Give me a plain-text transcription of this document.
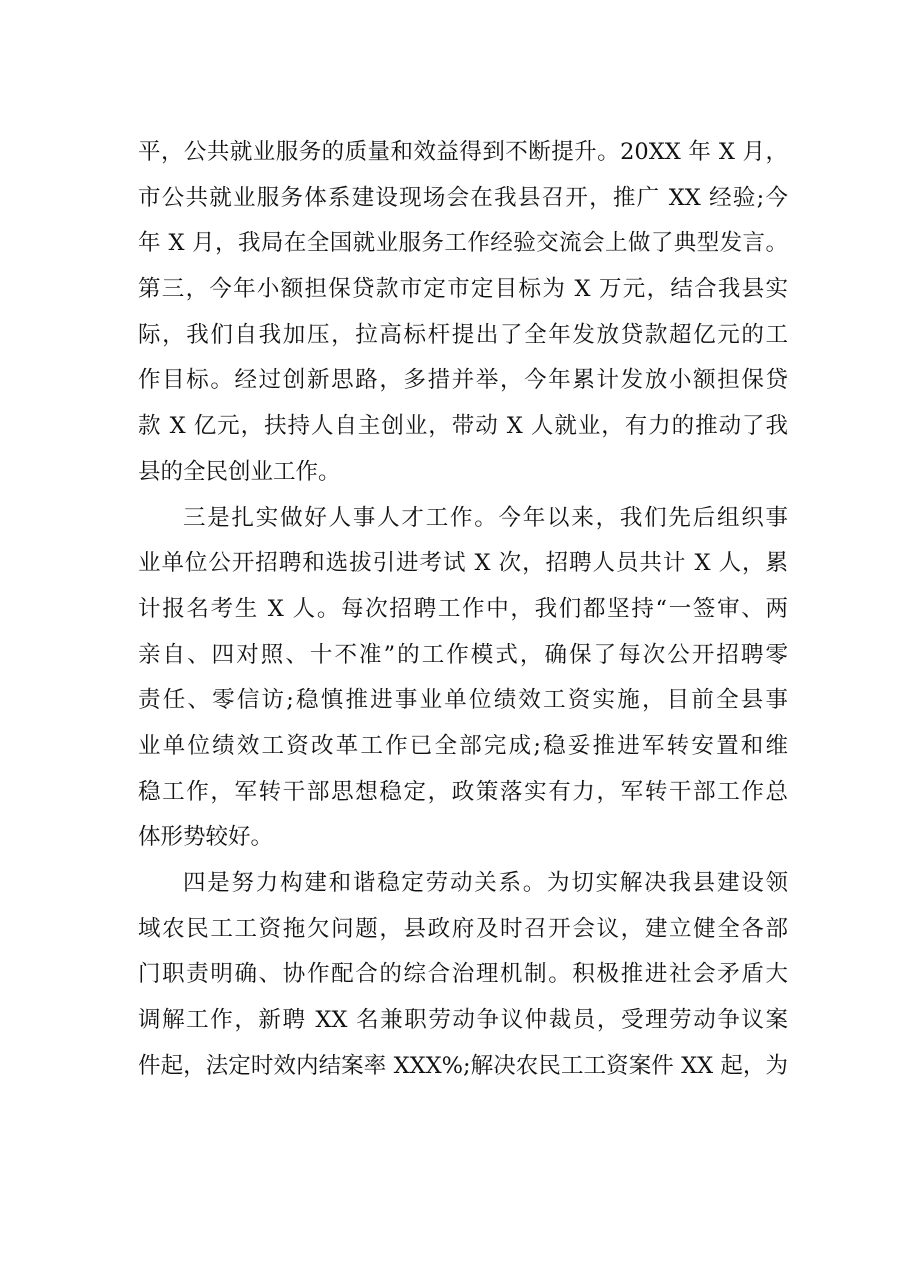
平，公共就业服务的质量和效益得到不断提升。20XX 年 X 月，
市公共就业服务体系建设现场会在我县召开，推广 XX 经验;今
年 X 月，我局在全国就业服务工作经验交流会上做了典型发言。
第三，今年小额担保贷款市定市定目标为 X 万元，结合我县实
际，我们自我加压，拉高标杆提出了全年发放贷款超亿元的工
作目标。经过创新思路，多措并举，今年累计发放小额担保贷
款 X 亿元，扶持人自主创业，带动 X 人就业，有力的推动了我
县的全民创业工作。
三是扎实做好人事人才工作。今年以来，我们先后组织事
业单位公开招聘和选拔引进考试 X 次，招聘人员共计 X 人，累
计报名考生 X 人。每次招聘工作中，我们都坚持“一签审、两
亲自、四对照、十不准”的工作模式，确保了每次公开招聘零
责任、零信访;稳慎推进事业单位绩效工资实施，目前全县事
业单位绩效工资改革工作已全部完成;稳妥推进军转安置和维
稳工作，军转干部思想稳定，政策落实有力，军转干部工作总
体形势较好。
四是努力构建和谐稳定劳动关系。为切实解决我县建设领
域农民工工资拖欠问题，县政府及时召开会议，建立健全各部
门职责明确、协作配合的综合治理机制。积极推进社会矛盾大
调解工作，新聘 XX 名兼职劳动争议仲裁员，受理劳动争议案
件起，法定时效内结案率 XXX%;解决农民工工资案件 XX 起，为
